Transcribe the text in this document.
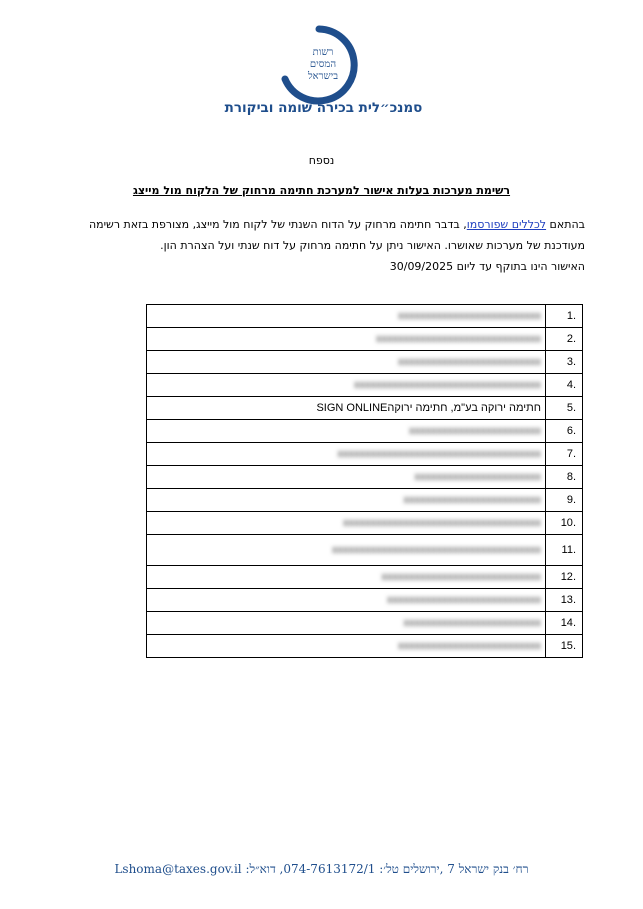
רשות
המסים
בישראל
סמנכ״לית בכירה שומה וביקורת
נספח
רשימת מערכות בעלות אישור למערכת חתימה מרחוק של הלקוח מול מייצג

בהתאם לכללים שפורסמו, בדבר חתימה מרחוק על הדוח השנתי של לקוח מול מייצג, מצורפת בזאת רשימה מעודכנת של מערכות שאושרו. האישור ניתן על חתימה מרחוק על דוח שנתי ועל הצהרת הון.

האישור הינו בתוקף עד ליום 30/09/2025

.1	xxxxxxxxxxxxxxxxxxxxxxxxxx
.2	xxxxxxxxxxxxxxxxxxxxxxxxxxxxxx
.3	xxxxxxxxxxxxxxxxxxxxxxxxxx
.4	xxxxxxxxxxxxxxxxxxxxxxxxxxxxxxxxxx
.5	חתימה ירוקה בע"מ, חתימה ירוקהSIGN ONLINE
.6	xxxxxxxxxxxxxxxxxxxxxxxx
.7	xxxxxxxxxxxxxxxxxxxxxxxxxxxxxxxxxxxxx
.8	xxxxxxxxxxxxxxxxxxxxxxx
.9	xxxxxxxxxxxxxxxxxxxxxxxxx
.10	xxxxxxxxxxxxxxxxxxxxxxxxxxxxxxxxxxxx
.11	xxxxxxxxxxxxxxxxxxxxxxxxxxxxxxxxxxxxxx
.12	xxxxxxxxxxxxxxxxxxxxxxxxxxxxx
.13	xxxxxxxxxxxxxxxxxxxxxxxxxxxx
.14	xxxxxxxxxxxxxxxxxxxxxxxxx
.15	xxxxxxxxxxxxxxxxxxxxxxxxxx
רח׳ בנק ישראל 7 ,ירושלים טל׳: 074-7613172/1, דוא״ל: Lshoma@taxes.gov.il
